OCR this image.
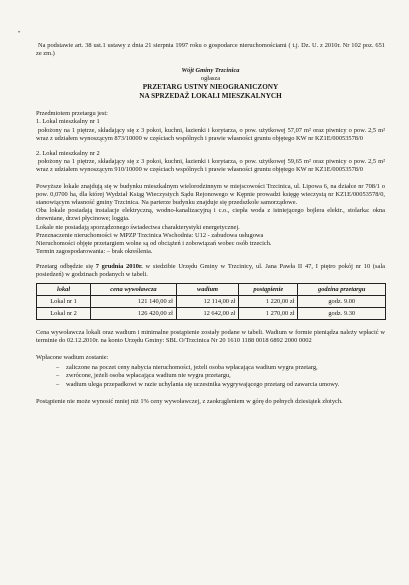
Na podstawie art. 38 ust.1 ustawy z dnia 21 sierpnia 1997 roku o gospodarce nieruchomościami ( t.j. Dz. U. z 2010r. Nr 102 poz. 651 ze zm.)

Wójt Gminy Trzcinica

ogłasza

PRZETARG USTNY NIEOGRANICZONY

NA SPRZEDAŻ LOKALI MIESZKALNYCH

Przedmiotem przetargu jest:

1. Lokal mieszkalny nr 1

położony na 1 piętrze, składający się z 3 pokoi, kuchni, łazienki i korytarza, o pow. użytkowej 57,07 m² oraz piwnicy o pow. 2,5 m² wraz z udziałem wynoszącym 873/10000 w częściach wspólnych i prawie własności gruntu objętego KW nr KZ1E/00053578/0

2. Lokal mieszkalny nr 2

położony na 1 piętrze, składający się z 3 pokoi, kuchni, łazienki i korytarza, o pow. użytkowej 59,65 m² oraz piwnicy o pow. 2,5 m² wraz z udziałem wynoszącym 910/10000 w częściach wspólnych i prawie własności gruntu objętego KW nr KZ1E/00053578/0

Powyższe lokale znajdują się w budynku mieszkalnym wielorodzinnym w miejscowości Trzcinica, ul. Lipowa 6, na działce nr 708/1 o pow. 0,0700 ha, dla której Wydział Ksiąg Wieczystych Sądu Rejonowego w Kępnie prowadzi księgę wieczystą nr KZ1E/00053578/0, stanowiącym własność gminy Trzcinica. Na parterze budynku znajduje się przedszkole samorządowe.

Oba lokale posiadają instalacje elektryczną, wodno-kanalizacyjną i c.o., ciepła woda z istniejącego bojlera elektr., stolarka: okna drewniane, drzwi płycinowe; loggia.

Lokale nie posiadają sporządzonego świadectwa charakterystyki energetycznej.

Przeznaczenie nieruchomości w MPZP Trzcinica Wschodnia: U12 - zabudowa usługowa

Nieruchomości objęte przetargiem wolne są od obciążeń i zobowiązań wobec osób trzecich.

Termin zagospodarowania: – brak określenia.

Przetarg odbędzie się 7 grudnia 2010r. w siedzibie Urzędu Gminy w Trzcinicy, ul. Jana Pawła II 47, I piętro pokój nr 10 (sala posiedzeń) w godzinach podanych w tabeli.

lokal	cena wywoławcza	wadium	postąpienie	godzina przetargu
Lokal nr 1	121 140,00 zł	12 114,00 zł	1 220,00 zł	godz. 9.00
Lokal nr 2	126 420,00 zł	12 642,00 zł	1 270,00 zł	godz. 9.30

Cena wywoławcza lokali oraz wadium i minimalne postąpienie zostały podane w tabeli. Wadium w formie pieniądza należy wpłacić w terminie do 02.12.2010r. na konto Urzędu Gminy: SBL O/Trzcinica Nr 20 1610 1188 0018 6892 2000 0002

Wpłacone wadium zostanie:

– zaliczone na poczet ceny nabycia nieruchomości, jeżeli osoba wpłacająca wadium wygra przetarg,
– zwrócone, jeżeli osoba wpłacająca wadium nie wygra przetargu,
– wadium ulega przepadkowi w razie uchylania się uczestnika wygrywającego przetarg od zawarcia umowy.

Postąpienie nie może wynosić mniej niż 1% ceny wywoławczej, z zaokrągleniem w górę do pełnych dziesiątek złotych.

•
